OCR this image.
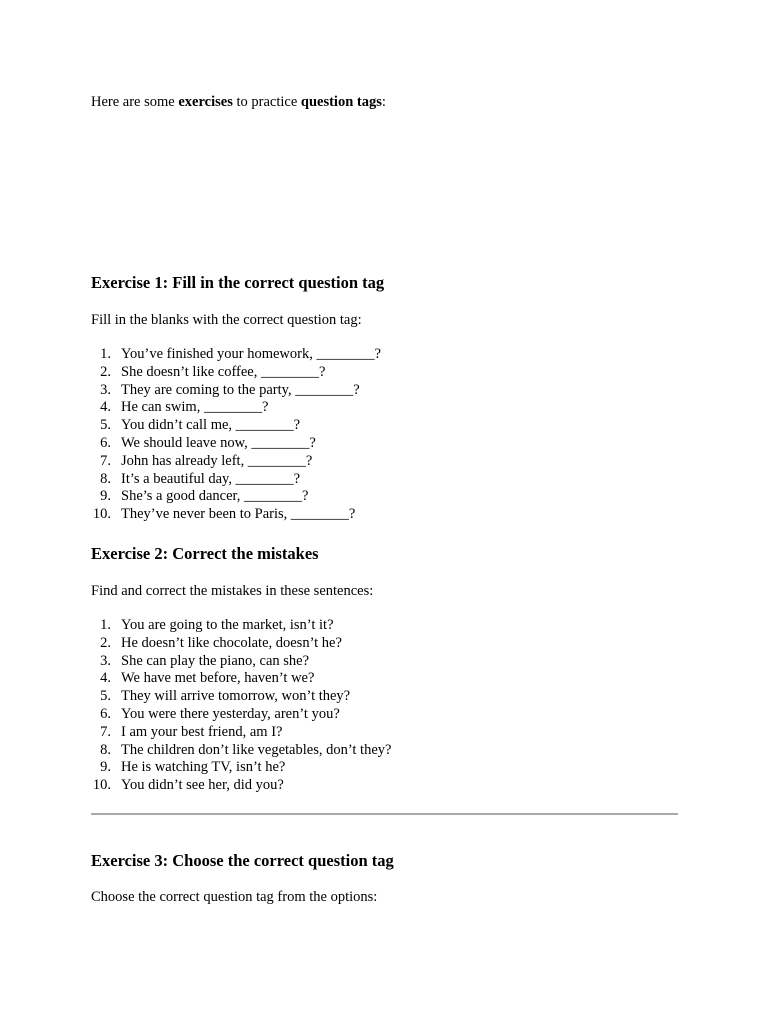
Here are some exercises to practice question tags:
Exercise 1: Fill in the correct question tag
Fill in the blanks with the correct question tag:
1. You’ve finished your homework, ________?
2. She doesn’t like coffee, ________?
3. They are coming to the party, ________?
4. He can swim, ________?
5. You didn’t call me, ________?
6. We should leave now, ________?
7. John has already left, ________?
8. It’s a beautiful day, ________?
9. She’s a good dancer, ________?
10. They’ve never been to Paris, ________?
Exercise 2: Correct the mistakes
Find and correct the mistakes in these sentences:
1. You are going to the market, isn’t it?
2. He doesn’t like chocolate, doesn’t he?
3. She can play the piano, can she?
4. We have met before, haven’t we?
5. They will arrive tomorrow, won’t they?
6. You were there yesterday, aren’t you?
7. I am your best friend, am I?
8. The children don’t like vegetables, don’t they?
9. He is watching TV, isn’t he?
10. You didn’t see her, did you?
Exercise 3: Choose the correct question tag
Choose the correct question tag from the options:
